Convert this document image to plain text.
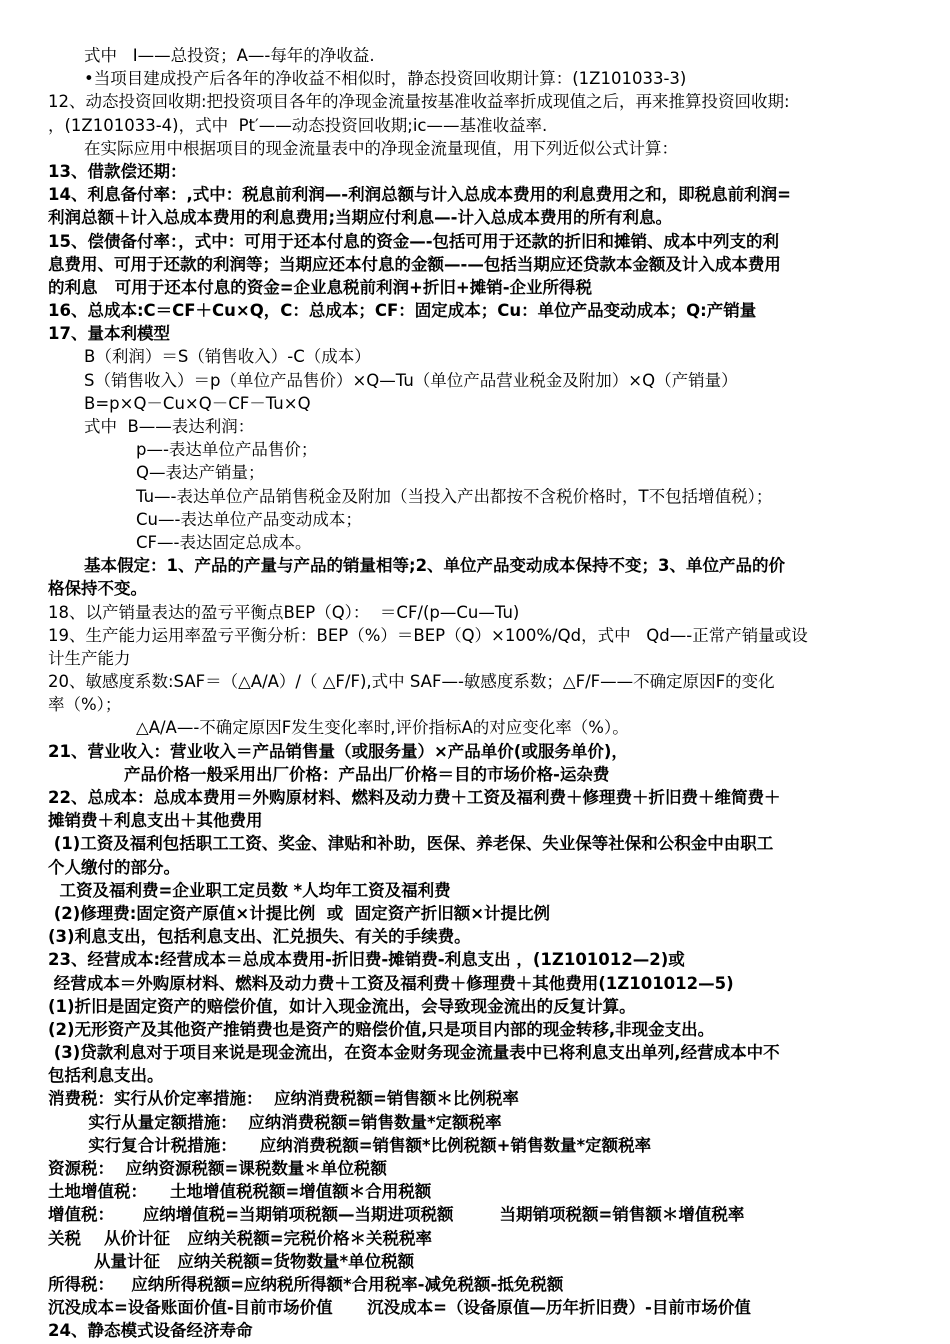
式中   I——总投资；A—-每年的净收益.
•当项目建成投产后各年的净收益不相似时，静态投资回收期计算：(1Z101033-3)
12、动态投资回收期:把投资项目各年的净现金流量按基准收益率折成现值之后，再来推算投资回收期:
，(1Z101033-4)，式中  Pt′——动态投资回收期;ic——基准收益率.
在实际应用中根据项目的现金流量表中的净现金流量现值，用下列近似公式计算：
13、借款偿还期：
14、利息备付率：,式中：税息前利润—-利润总额与计入总成本费用的利息费用之和，即税息前利润=
利润总额＋计入总成本费用的利息费用;当期应付利息—-计入总成本费用的所有利息。
15、偿债备付率：，式中：可用于还本付息的资金—-包括可用于还款的折旧和摊销、成本中列支的利
息费用、可用于还款的利润等；当期应还本付息的金额—-—包括当期应还贷款本金额及计入成本费用
的利息   可用于还本付息的资金=企业息税前利润+折旧+摊销-企业所得税
16、总成本:C＝CF＋Cu×Q，C：总成本；CF：固定成本；Cu：单位产品变动成本；Q:产销量
17、量本利模型
B（利润）＝S（销售收入）-C（成本）
S（销售收入）＝p（单位产品售价）×Q—Tu（单位产品营业税金及附加）×Q（产销量）
B=p×Q－Cu×Q－CF－Tu×Q
式中  B——表达利润：
p—-表达单位产品售价；
Q—表达产销量；
Tu—-表达单位产品销售税金及附加（当投入产出都按不含税价格时，T不包括增值税）；
Cu—-表达单位产品变动成本；
CF—-表达固定总成本。
基本假定：1、产品的产量与产品的销量相等;2、单位产品变动成本保持不变；3、单位产品的价
格保持不变。
18、以产销量表达的盈亏平衡点BEP（Q）：  ＝CF/(p—Cu—Tu)
19、生产能力运用率盈亏平衡分析：BEP（%）＝BEP（Q）×100%/Qd，式中   Qd—-正常产销量或设
计生产能力
20、敏感度系数:SAF＝（△A/A）/（ △F/F),式中 SAF—-敏感度系数；△F/F——不确定原因F的变化
率（%）；
△A/A—-不确定原因F发生变化率时,评价指标A的对应变化率（%）。
21、营业收入：营业收入＝产品销售量（或服务量）×产品单价(或服务单价)，
产品价格一般采用出厂价格：产品出厂价格＝目的市场价格-运杂费
22、总成本：总成本费用＝外购原材料、燃料及动力费＋工资及福利费＋修理费＋折旧费＋维简费＋
摊销费＋利息支出＋其他费用
(1)工资及福利包括职工工资、奖金、津贴和补助，医保、养老保、失业保等社保和公积金中由职工
个人缴付的部分。
工资及福利费=企业职工定员数 *人均年工资及福利费
(2)修理费:固定资产原值×计提比例  或  固定资产折旧额×计提比例
(3)利息支出，包括利息支出、汇兑损失、有关的手续费。
23、经营成本:经营成本＝总成本费用-折旧费-摊销费-利息支出 ，(1Z101012—2)或
经营成本＝外购原材料、燃料及动力费＋工资及福利费＋修理费＋其他费用(1Z101012—5)
(1)折旧是固定资产的赔偿价值，如计入现金流出，会导致现金流出的反复计算。
(2)无形资产及其他资产推销费也是资产的赔偿价值,只是项目内部的现金转移,非现金支出。
(3)贷款利息对于项目来说是现金流出，在资本金财务现金流量表中已将利息支出单列,经营成本中不
包括利息支出。
消费税：实行从价定率措施：  应纳消费税额=销售额＊比例税率
实行从量定额措施：  应纳消费税额=销售数量*定额税率
实行复合计税措施：    应纳消费税额=销售额*比例税额+销售数量*定额税率
资源税：  应纳资源税额=课税数量＊单位税额
土地增值税：    土地增值税税额=增值额＊合用税额
增值税：     应纳增值税=当期销项税额—当期进项税额        当期销项税额=销售额＊增值税率
关税    从价计征   应纳关税额=完税价格＊关税税率
从量计征   应纳关税额=货物数量*单位税额
所得税：   应纳所得税额=应纳税所得额*合用税率-减免税额-抵免税额
沉没成本=设备账面价值-目前市场价值      沉没成本=（设备原值—历年折旧费）-目前市场价值
24、静态模式设备经济寿命
